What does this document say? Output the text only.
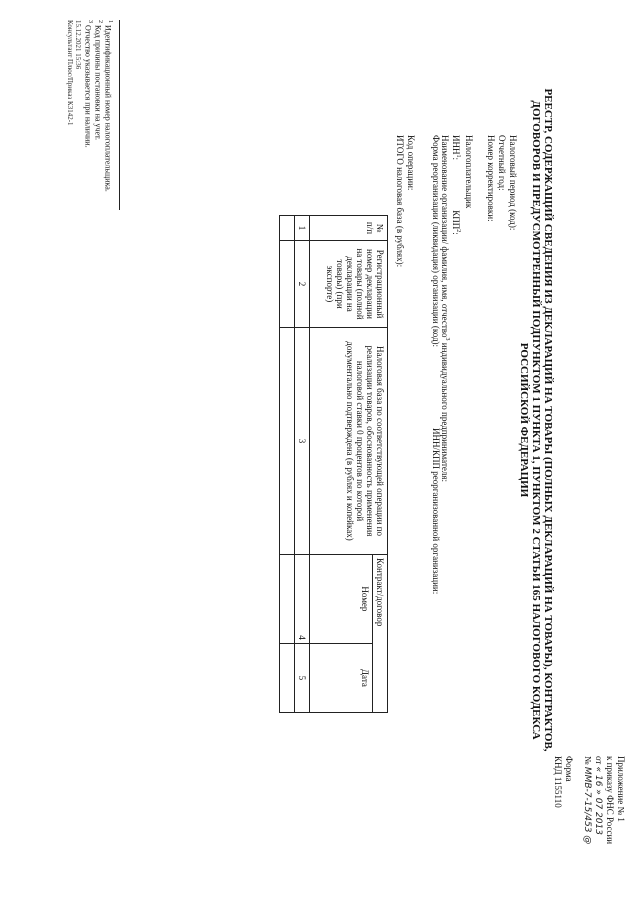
Приложение № 1
к приказу ФНС России
от « 16 » 07 2013
№ ММВ-7-15/453 @
Форма
КНД 1155110
РЕЕСТР, СОДЕРЖАЩИЙ СВЕДЕНИЯ ИЗ ДЕКЛАРАЦИЙ НА ТОВАРЫ (ПОЛНЫХ ДЕКЛАРАЦИЙ НА ТОВАРЫ), КОНТРАКТОВ, ДОГОВОРОВ И ПРЕДУСМОТРЕННЫЙ ПОДПУНКТОМ 1 ПУНКТА 1, ПУНКТОМ 2 СТАТЬИ 165 НАЛОГОВОГО КОДЕКСА РОССИЙСКОЙ ФЕДЕРАЦИИ
Налоговый период (код):
Отчетный год:
Номер корректировки:
Налогоплательщик
ИНН$^1$: КПП$^2$:
Наименование организации/ фамилия, имя, отчество$^3$ индивидуального предпринимателя:
Форма реорганизации (ликвидация) организации (код):
ИНН/КПП реорганизованной организации:
Код операции:
ИТОГО налоговая база (в рублях):
№ п/п	Регистрационный номер декларации на товары (полной декларации на товары) (при экспорте)	Налоговая база по соответствующей операции по реализации товаров, обоснованность применения налоговой ставки 0 процентов по которой документально подтверждена (в рублях и копейках)	Контракт/договор	
			Номер	Дата
1	2	3	4	5

$^1$ Идентификационный номер налогоплательщика.
$^2$ Код причины постановки на учет.
$^3$ Отчество указывается при наличии.
15.12.2021 15:36
Консультант Плюс/Приказ К3142-1
